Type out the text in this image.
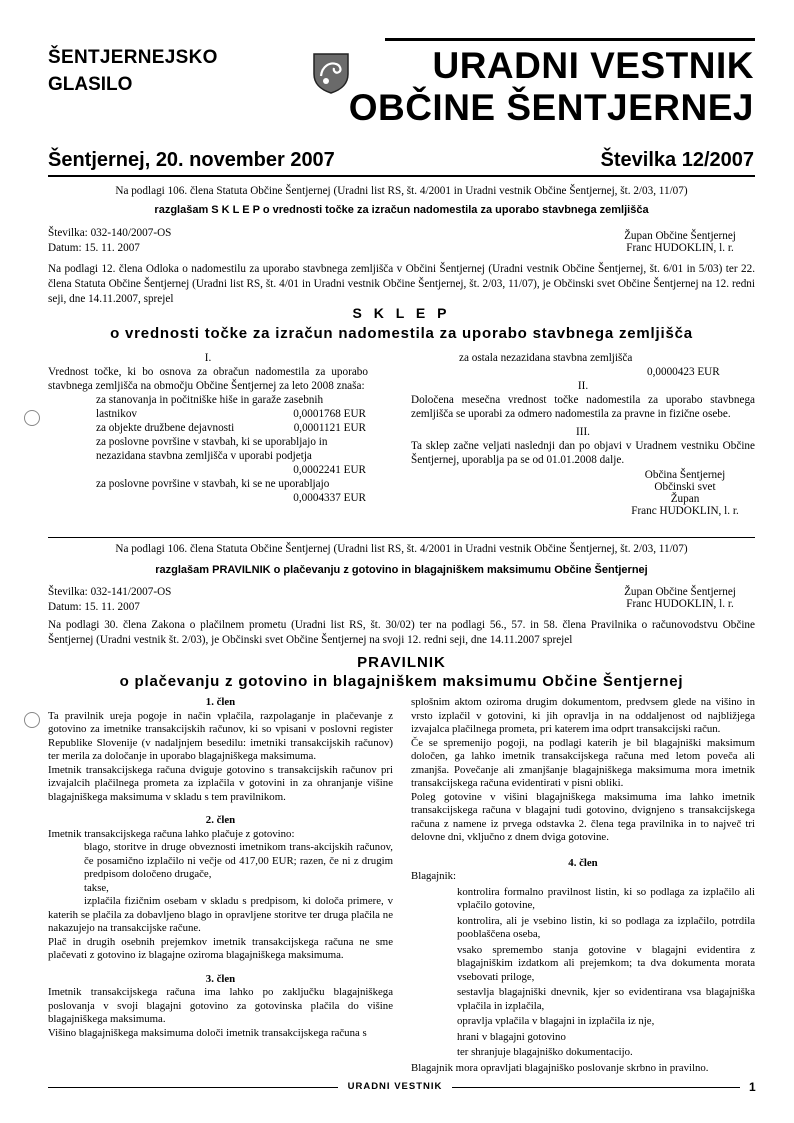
ŠENTJERNEJSKO
GLASILO	URADNI VESTNIK
OBČINE ŠENTJERNEJ
Šentjernej, 20. november 2007	Številka 12/2007
Na podlagi 106. člena Statuta Občine Šentjernej (Uradni list RS, št. 4/2001 in Uradni vestnik Občine Šentjernej, št. 2/03, 11/07)
razglašam S K L E P o vrednosti točke za izračun nadomestila za uporabo stavbnega zemljišča
Številka: 032-140/2007-OS
Datum: 15. 11. 2007
Župan Občine Šentjernej
Franc HUDOKLIN, l. r.
Na podlagi 12. člena Odloka o nadomestilu za uporabo stavbnega zemljišča v Občini Šentjernej (Uradni vestnik Občine Šentjernej, št. 6/01 in 5/03) ter 22. člena Statuta Občine Šentjernej (Uradni list RS, št. 4/01 in Uradni vestnik Občine Šentjernej, št. 2/03, 11/07), je Občinski svet Občine Šentjernej na 12. redni seji, dne 14.11.2007, sprejel
S K L E P
o vrednosti točke za izračun nadomestila za uporabo stavbnega zemljišča
I.
Vrednost točke, ki bo osnova za obračun nadomestila za uporabo stavbnega zemljišča na območju Občine Šentjernej za leto 2008 znaša:
za stanovanja in počitniške hiše in garaže zasebnih
lastnikov	0,0001768 EUR
za objekte družbene dejavnosti	0,0001121 EUR
za poslovne površine v stavbah, ki se uporabljajo in
nezazidana stavbna zemljišča v uporabi podjetja
0,0002241 EUR
za poslovne površine v stavbah, ki se ne uporabljajo
0,0004337 EUR
za ostala nezazidana stavbna zemljišča
0,0000423 EUR
II.
Določena mesečna vrednost točke nadomestila za uporabo stavbnega zemljišča se uporabi za odmero nadomestila za pravne in fizične osebe.
III.
Ta sklep začne veljati naslednji dan po objavi v Uradnem vestniku Občine Šentjernej, uporablja pa se od 01.01.2008 dalje.
Občina Šentjernej
Občinski svet
Župan
Franc HUDOKLIN, l. r.
Na podlagi 106. člena Statuta Občine Šentjernej (Uradni list RS, št. 4/2001 in Uradni vestnik Občine Šentjernej, št. 2/03, 11/07)
razglašam PRAVILNIK o plačevanju z gotovino in blagajniškem maksimumu Občine Šentjernej
Številka: 032-141/2007-OS
Datum: 15. 11. 2007
Župan Občine Šentjernej
Franc HUDOKLIN, l. r.
Na podlagi 30. člena Zakona o plačilnem prometu (Uradni list RS, št. 30/02) ter na podlagi 56., 57. in 58. člena Pravilnika o računovodstvu Občine Šentjernej (Uradni vestnik št. 2/03), je Občinski svet Občine Šentjernej na svoji 12. redni seji, dne 14.11.2007 sprejel
PRAVILNIK
o plačevanju z gotovino in blagajniškem maksimumu Občine Šentjernej
1. člen
Ta pravilnik ureja pogoje in način vplačila, razpolaganje in plačevanje z gotovino za imetnike transakcijskih računov, ki so vpisani v poslovni register Republike Slovenije (v nadaljnjem besedilu: imetniki transakcijskih računov) ter merila za določanje in uporabo blagajniškega maksimuma.
Imetnik transakcijskega računa dviguje gotovino s transakcijskih računov pri izvajalcih plačilnega prometa za izplačila v gotovini in za ohranjanje višine blagajniškega maksimuma v skladu s tem pravilnikom.
2. člen
Imetnik transakcijskega računa lahko plačuje z gotovino:
blago, storitve in druge obveznosti imetnikom trans-akcijskih računov, če posamično izplačilo ni večje od 417,00 EUR; razen, če ni z drugim predpisom določeno drugače,
takse,
izplačila fizičnim osebam v skladu s predpisom, ki določa primere, v katerih se plačila za dobavljeno blago in opravljene storitve ter druga plačila ne nakazujejo na transakcijske račune.
Plač in drugih osebnih prejemkov imetnik transakcijskega računa ne sme plačevati z gotovino iz blagajne oziroma blagajniškega maksimuma.
3. člen
Imetnik transakcijskega računa ima lahko po zaključku blagajniškega poslovanja v svoji blagajni gotovino za gotovinska plačila do višine blagajniškega maksimuma.
Višino blagajniškega maksimuma določi imetnik transakcijskega računa s
splošnim aktom oziroma drugim dokumentom, predvsem glede na višino in vrsto izplačil v gotovini, ki jih opravlja in na oddaljenost od najbližjega izvajalca plačilnega prometa, pri katerem ima odprt transakcijski račun.
Če se spremenijo pogoji, na podlagi katerih je bil blagajniški maksimum določen, ga lahko imetnik transakcijskega računa med letom poveča ali zmanjša. Povečanje ali zmanjšanje blagajniškega maksimuma mora imetnik transakcijskega računa evidentirati v pisni obliki.
Poleg gotovine v višini blagajniškega maksimuma ima lahko imetnik transakcijskega računa v blagajni tudi gotovino, dvignjeno s transakcijskega računa z namene iz prvega odstavka 2. člena tega pravilnika in to največ tri delovne dni, vključno z dnem dviga gotovine.
4. člen
Blagajnik:
kontrolira formalno pravilnost listin, ki so podlaga za izplačilo ali vplačilo gotovine,
kontrolira, ali je vsebino listin, ki so podlaga za izplačilo, potrdila pooblaščena oseba,
vsako spremembo stanja gotovine v blagajni evidentira z blagajniškim izdatkom ali prejemkom; ta dva dokumenta morata vsebovati priloge,
sestavlja blagajniški dnevnik, kjer so evidentirana vsa blagajniška vplačila in izplačila,
opravlja vplačila v blagajni in izplačila iz nje,
hrani v blagajni gotovino
ter shranjuje blagajniško dokumentacijo.
Blagajnik mora opravljati blagajniško poslovanje skrbno in pravilno.
URADNI VESTNIK	1
